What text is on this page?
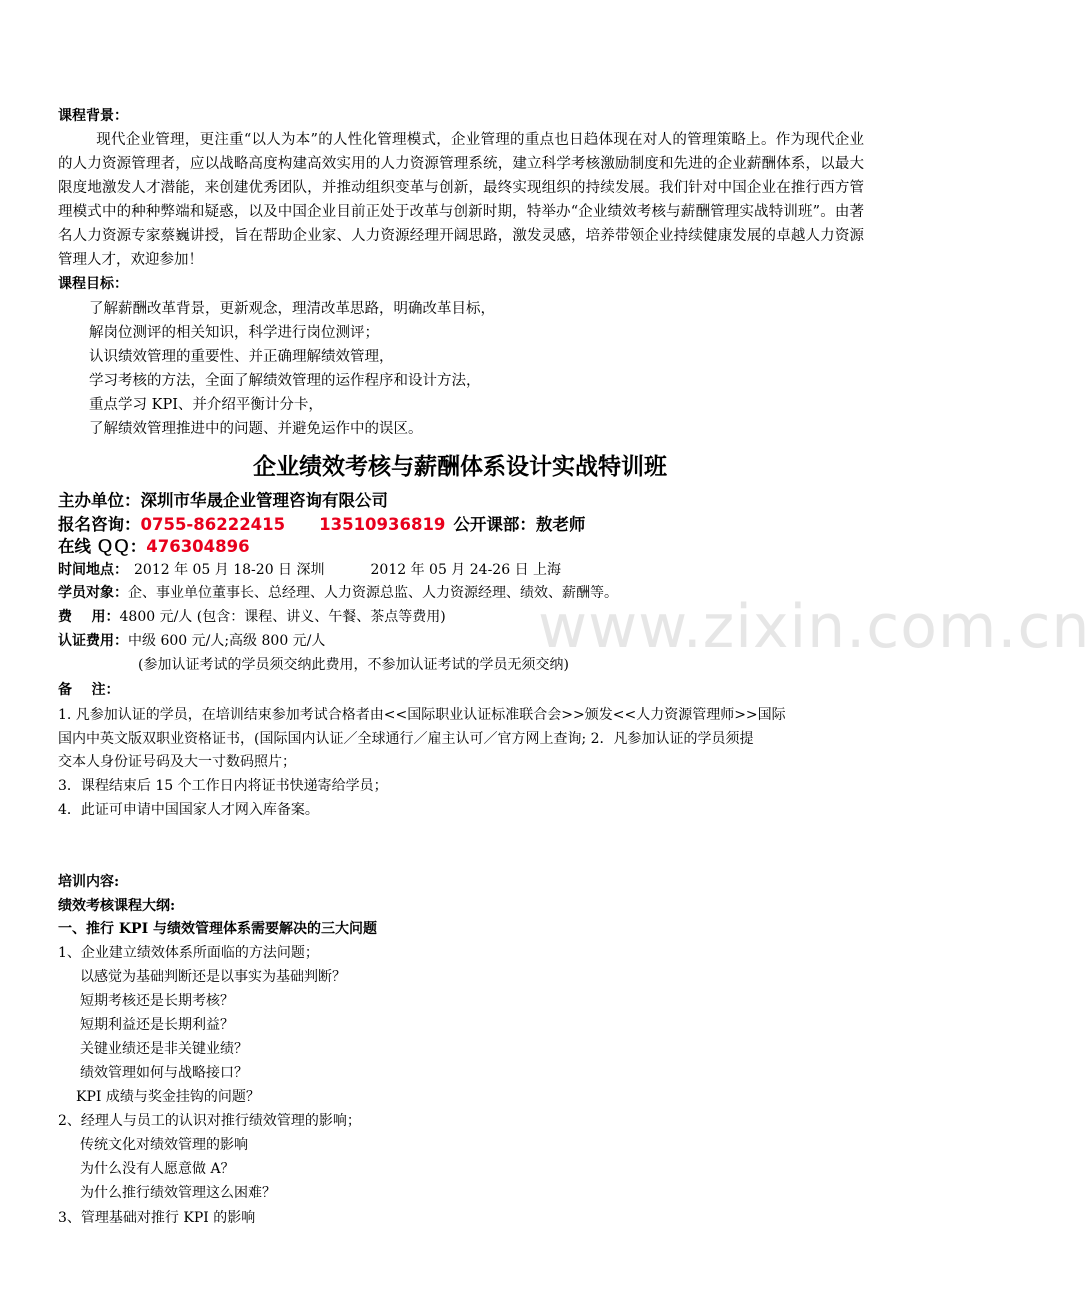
www.zixin.com.cn
课程背景：
现代企业管理，更注重“以人为本”的人性化管理模式，企业管理的重点也日趋体现在对人的管理策略上。作为现代企业的人力资源管理者，应以战略高度构建高效实用的人力资源管理系统，建立科学考核激励制度和先进的企业薪酬体系，以最大限度地激发人才潜能，来创建优秀团队，并推动组织变革与创新，最终实现组织的持续发展。我们针对中国企业在推行西方管理模式中的种种弊端和疑惑，以及中国企业目前正处于改革与创新时期，特举办“企业绩效考核与薪酬管理实战特训班”。由著名人力资源专家蔡巍讲授，旨在帮助企业家、人力资源经理开阔思路，激发灵感，培养带领企业持续健康发展的卓越人力资源管理人才，欢迎参加！
课程目标：
了解薪酬改革背景，更新观念，理清改革思路，明确改革目标，
解岗位测评的相关知识，科学进行岗位测评；
认识绩效管理的重要性、并正确理解绩效管理，
学习考核的方法，全面了解绩效管理的运作程序和设计方法，
重点学习 KPI、并介绍平衡计分卡，
了解绩效管理推进中的问题、并避免运作中的误区。
企业绩效考核与薪酬体系设计实战特训班
主办单位：深圳市华晟企业管理咨询有限公司
报名咨询：0755-86222415 13510936819 公开课部：敖老师
在线 ＱＱ：476304896
时间地点： 2012 年 05 月 18-20 日 深圳	2012 年 05 月 24-26 日 上海
学员对象：企、事业单位董事长、总经理、人力资源总监、人力资源经理、绩效、薪酬等。
费    用：4800 元/人 (包含：课程、讲义、午餐、茶点等费用)
认证费用：中级 600 元/人;高级 800 元/人
(参加认证考试的学员须交纳此费用，不参加认证考试的学员无须交纳)
备    注：
1. 凡参加认证的学员，在培训结束参加考试合格者由<<国际职业认证标准联合会>>颁发<<人力资源管理师>>国际
国内中英文版双职业资格证书，(国际国内认证／全球通行／雇主认可／官方网上查询; 2．凡参加认证的学员须提
交本人身份证号码及大一寸数码照片；
3．课程结束后 15 个工作日内将证书快递寄给学员；
4．此证可申请中国国家人才网入库备案。
培训内容:
绩效考核课程大纲:
一、推行 KPI 与绩效管理体系需要解决的三大问题
1、企业建立绩效体系所面临的方法问题；
以感觉为基础判断还是以事实为基础判断？
短期考核还是长期考核？
短期利益还是长期利益？
关键业绩还是非关键业绩？
绩效管理如何与战略接口？
KPI 成绩与奖金挂钩的问题？
2、经理人与员工的认识对推行绩效管理的影响；
传统文化对绩效管理的影响
为什么没有人愿意做 A？
为什么推行绩效管理这么困难？
3、管理基础对推行 KPI 的影响
